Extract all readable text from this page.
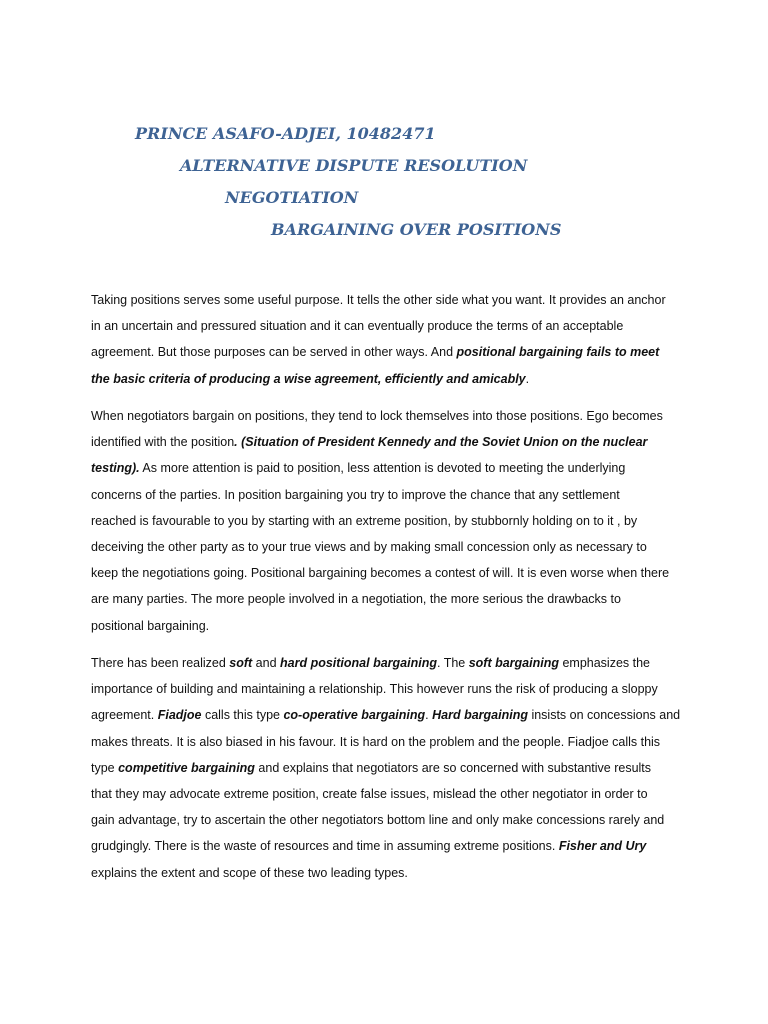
PRINCE ASAFO-ADJEI, 10482471
ALTERNATIVE DISPUTE RESOLUTION
NEGOTIATION
BARGAINING OVER POSITIONS

Taking positions serves some useful purpose. It tells the other side what you want. It provides an anchor
in an uncertain and pressured situation and it can eventually produce the terms of an acceptable
agreement. But those purposes can be served in other ways. And positional bargaining fails to meet
the basic criteria of producing a wise agreement, efficiently and amicably.

When negotiators bargain on positions, they tend to lock themselves into those positions. Ego becomes
identified with the position. (Situation of President Kennedy and the Soviet Union on the nuclear
testing). As more attention is paid to position, less attention is devoted to meeting the underlying
concerns of the parties. In position bargaining you try to improve the chance that any settlement
reached is favourable to you by starting with an extreme position, by stubbornly holding on to it , by
deceiving the other party as to your true views and by making small concession only as necessary to
keep the negotiations going. Positional bargaining becomes a contest of will. It is even worse when there
are many parties. The more people involved in a negotiation, the more serious the drawbacks to
positional bargaining.

There has been realized soft and hard positional bargaining. The soft bargaining emphasizes the
importance of building and maintaining a relationship. This however runs the risk of producing a sloppy
agreement. Fiadjoe calls this type co-operative bargaining. Hard bargaining insists on concessions and
makes threats. It is also biased in his favour. It is hard on the problem and the people. Fiadjoe calls this
type competitive bargaining and explains that negotiators are so concerned with substantive results
that they may advocate extreme position, create false issues, mislead the other negotiator in order to
gain advantage, try to ascertain the other negotiators bottom line and only make concessions rarely and
grudgingly. There is the waste of resources and time in assuming extreme positions. Fisher and Ury
explains the extent and scope of these two leading types.
